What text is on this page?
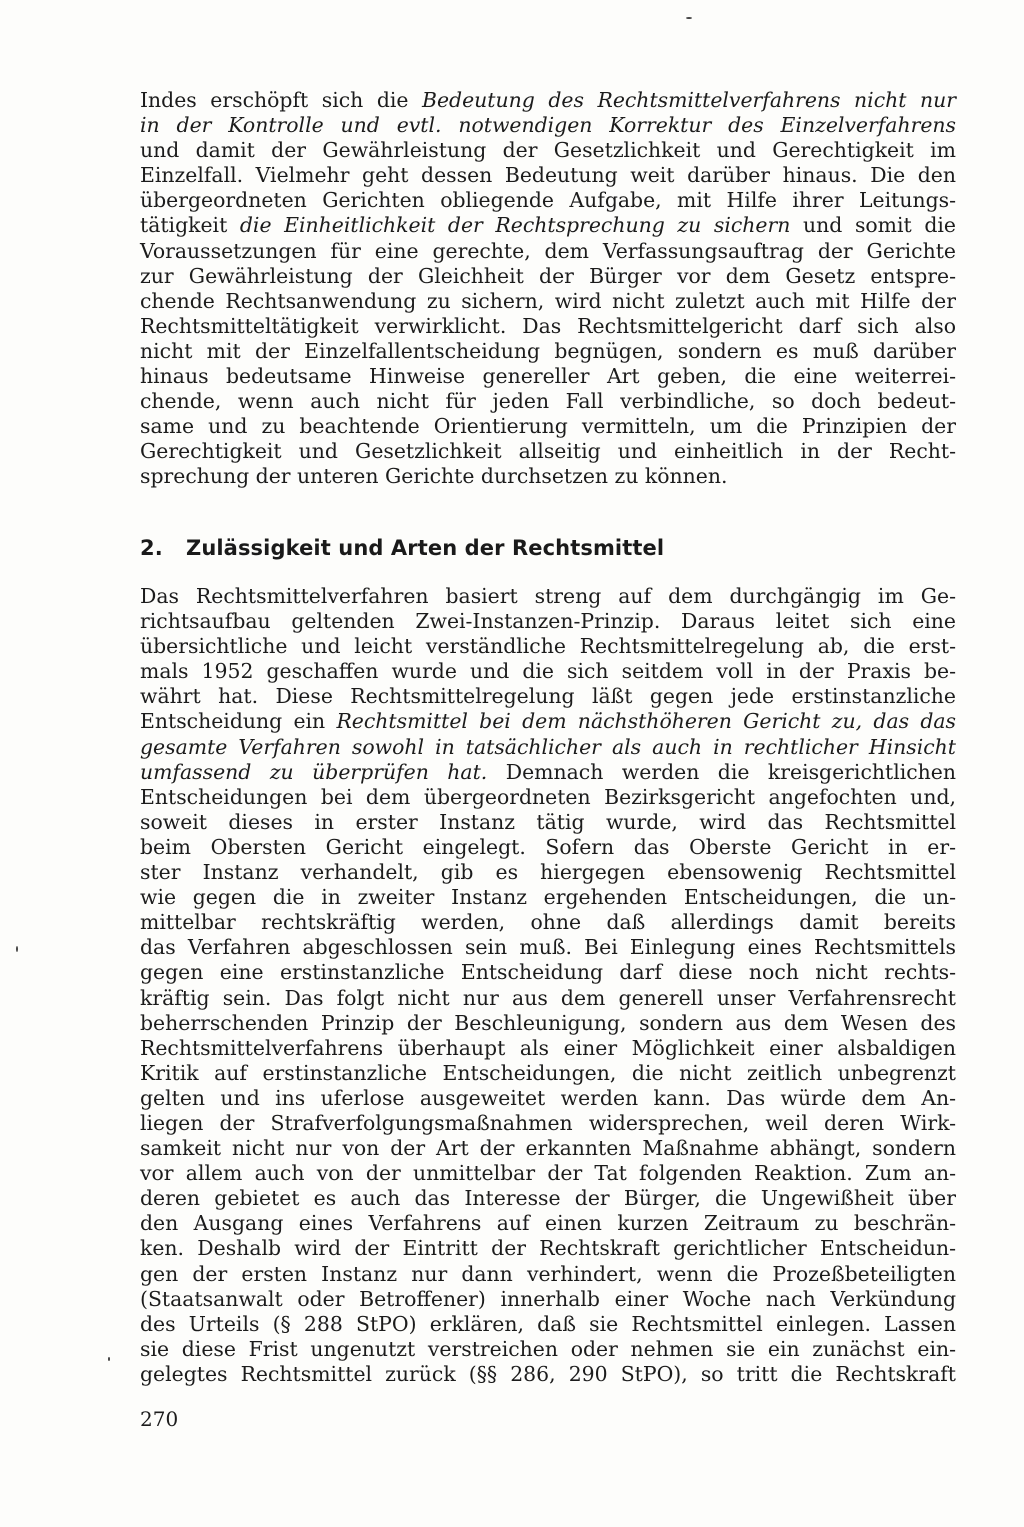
Indes erschöpft sich die Bedeutung des Rechtsmittelverfahrens nicht nur
in der Kontrolle und evtl. notwendigen Korrektur des Einzelverfahrens
und damit der Gewährleistung der Gesetzlichkeit und Gerechtigkeit im
Einzelfall. Vielmehr geht dessen Bedeutung weit darüber hinaus. Die den
übergeordneten Gerichten obliegende Aufgabe, mit Hilfe ihrer Leitungs-
tätigkeit die Einheitlichkeit der Rechtsprechung zu sichern und somit die
Voraussetzungen für eine gerechte, dem Verfassungsauftrag der Gerichte
zur Gewährleistung der Gleichheit der Bürger vor dem Gesetz entspre-
chende Rechtsanwendung zu sichern, wird nicht zuletzt auch mit Hilfe der
Rechtsmitteltätigkeit verwirklicht. Das Rechtsmittelgericht darf sich also
nicht mit der Einzelfallentscheidung begnügen, sondern es muß darüber
hinaus bedeutsame Hinweise genereller Art geben, die eine weiterrei-
chende, wenn auch nicht für jeden Fall verbindliche, so doch bedeut-
same und zu beachtende Orientierung vermitteln, um die Prinzipien der
Gerechtigkeit und Gesetzlichkeit allseitig und einheitlich in der Recht-
sprechung der unteren Gerichte durchsetzen zu können.
2. Zulässigkeit und Arten der Rechtsmittel
Das Rechtsmittelverfahren basiert streng auf dem durchgängig im Ge-
richtsaufbau geltenden Zwei-Instanzen-Prinzip. Daraus leitet sich eine
übersichtliche und leicht verständliche Rechtsmittelregelung ab, die erst-
mals 1952 geschaffen wurde und die sich seitdem voll in der Praxis be-
währt hat. Diese Rechtsmittelregelung läßt gegen jede erstinstanzliche
Entscheidung ein Rechtsmittel bei dem nächsthöheren Gericht zu, das das
gesamte Verfahren sowohl in tatsächlicher als auch in rechtlicher Hinsicht
umfassend zu überprüfen hat. Demnach werden die kreisgerichtlichen
Entscheidungen bei dem übergeordneten Bezirksgericht angefochten und,
soweit dieses in erster Instanz tätig wurde, wird das Rechtsmittel
beim Obersten Gericht eingelegt. Sofern das Oberste Gericht in er-
ster Instanz verhandelt, gib es hiergegen ebensowenig Rechtsmittel
wie gegen die in zweiter Instanz ergehenden Entscheidungen, die un-
mittelbar rechtskräftig werden, ohne daß allerdings damit bereits
das Verfahren abgeschlossen sein muß. Bei Einlegung eines Rechtsmittels
gegen eine erstinstanzliche Entscheidung darf diese noch nicht rechts-
kräftig sein. Das folgt nicht nur aus dem generell unser Verfahrensrecht
beherrschenden Prinzip der Beschleunigung, sondern aus dem Wesen des
Rechtsmittelverfahrens überhaupt als einer Möglichkeit einer alsbaldigen
Kritik auf erstinstanzliche Entscheidungen, die nicht zeitlich unbegrenzt
gelten und ins uferlose ausgeweitet werden kann. Das würde dem An-
liegen der Strafverfolgungsmaßnahmen widersprechen, weil deren Wirk-
samkeit nicht nur von der Art der erkannten Maßnahme abhängt, sondern
vor allem auch von der unmittelbar der Tat folgenden Reaktion. Zum an-
deren gebietet es auch das Interesse der Bürger, die Ungewißheit über
den Ausgang eines Verfahrens auf einen kurzen Zeitraum zu beschrän-
ken. Deshalb wird der Eintritt der Rechtskraft gerichtlicher Entscheidun-
gen der ersten Instanz nur dann verhindert, wenn die Prozeßbeteiligten
(Staatsanwalt oder Betroffener) innerhalb einer Woche nach Verkündung
des Urteils (§ 288 StPO) erklären, daß sie Rechtsmittel einlegen. Lassen
sie diese Frist ungenutzt verstreichen oder nehmen sie ein zunächst ein-
gelegtes Rechtsmittel zurück (§§ 286, 290 StPO), so tritt die Rechtskraft
270
